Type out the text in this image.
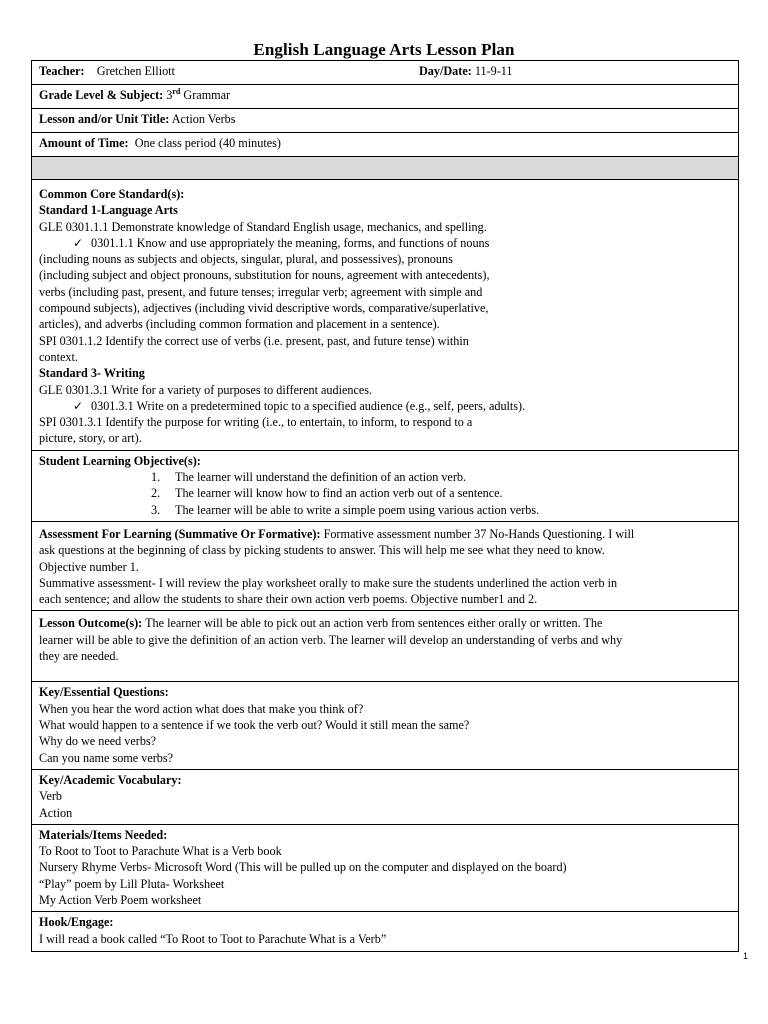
English Language Arts Lesson Plan
Teacher: Gretchen Elliott	Day/Date: 11-9-11

Grade Level & Subject: 3rd Grammar
Lesson and/or Unit Title: Action Verbs
Amount of Time: One class period (40 minutes)

Common Core Standard(s):
Standard 1-Language Arts
GLE 0301.1.1 Demonstrate knowledge of Standard English usage, mechanics, and spelling.
✓ 0301.1.1 Know and use appropriately the meaning, forms, and functions of nouns
(including nouns as subjects and objects, singular, plural, and possessives), pronouns
(including subject and object pronouns, substitution for nouns, agreement with antecedents),
verbs (including past, present, and future tenses; irregular verb; agreement with simple and
compound subjects), adjectives (including vivid descriptive words, comparative/superlative,
articles), and adverbs (including common formation and placement in a sentence).
SPI 0301.1.2 Identify the correct use of verbs (i.e. present, past, and future tense) within
context.
Standard 3- Writing
GLE 0301.3.1 Write for a variety of purposes to different audiences.
✓ 0301.3.1 Write on a predetermined topic to a specified audience (e.g., self, peers, adults).
SPI 0301.3.1 Identify the purpose for writing (i.e., to entertain, to inform, to respond to a
picture, story, or art).

Student Learning Objective(s):
1. The learner will understand the definition of an action verb.
2. The learner will know how to find an action verb out of a sentence.
3. The learner will be able to write a simple poem using various action verbs.

Assessment For Learning (Summative Or Formative): Formative assessment number 37 No-Hands Questioning. I will
ask questions at the beginning of class by picking students to answer. This will help me see what they need to know.
Objective number 1.
Summative assessment- I will review the play worksheet orally to make sure the students underlined the action verb in
each sentence; and allow the students to share their own action verb poems. Objective number1 and 2.

Lesson Outcome(s): The learner will be able to pick out an action verb from sentences either orally or written. The
learner will be able to give the definition of an action verb. The learner will develop an understanding of verbs and why
they are needed.

Key/Essential Questions:
When you hear the word action what does that make you think of?
What would happen to a sentence if we took the verb out? Would it still mean the same?
Why do we need verbs?
Can you name some verbs?

Key/Academic Vocabulary:
Verb
Action

Materials/Items Needed:
To Root to Toot to Parachute What is a Verb book
Nursery Rhyme Verbs- Microsoft Word (This will be pulled up on the computer and displayed on the board)
“Play” poem by Lill Pluta- Worksheet
My Action Verb Poem worksheet

Hook/Engage:
I will read a book called “To Root to Toot to Parachute What is a Verb”
1
